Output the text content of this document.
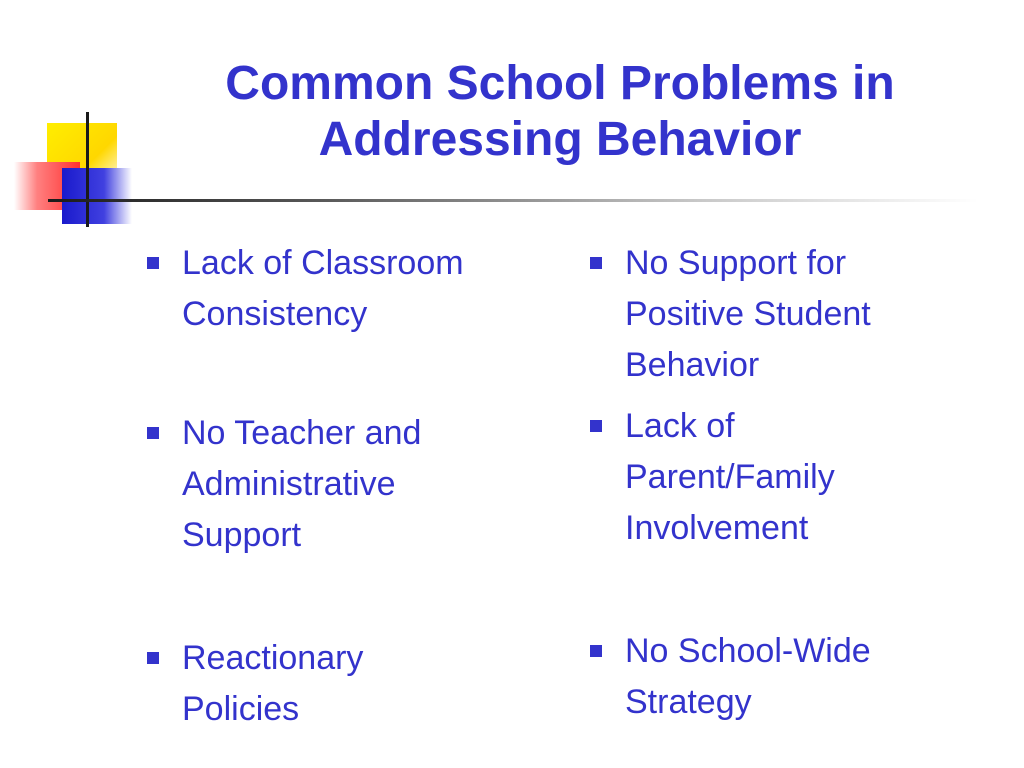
Common School Problems in
Addressing Behavior
Lack of Classroom
Consistency
No Teacher and
Administrative
Support
Reactionary
Policies
No Support for
Positive Student
Behavior
Lack of
Parent/Family
Involvement
No School-Wide
Strategy
